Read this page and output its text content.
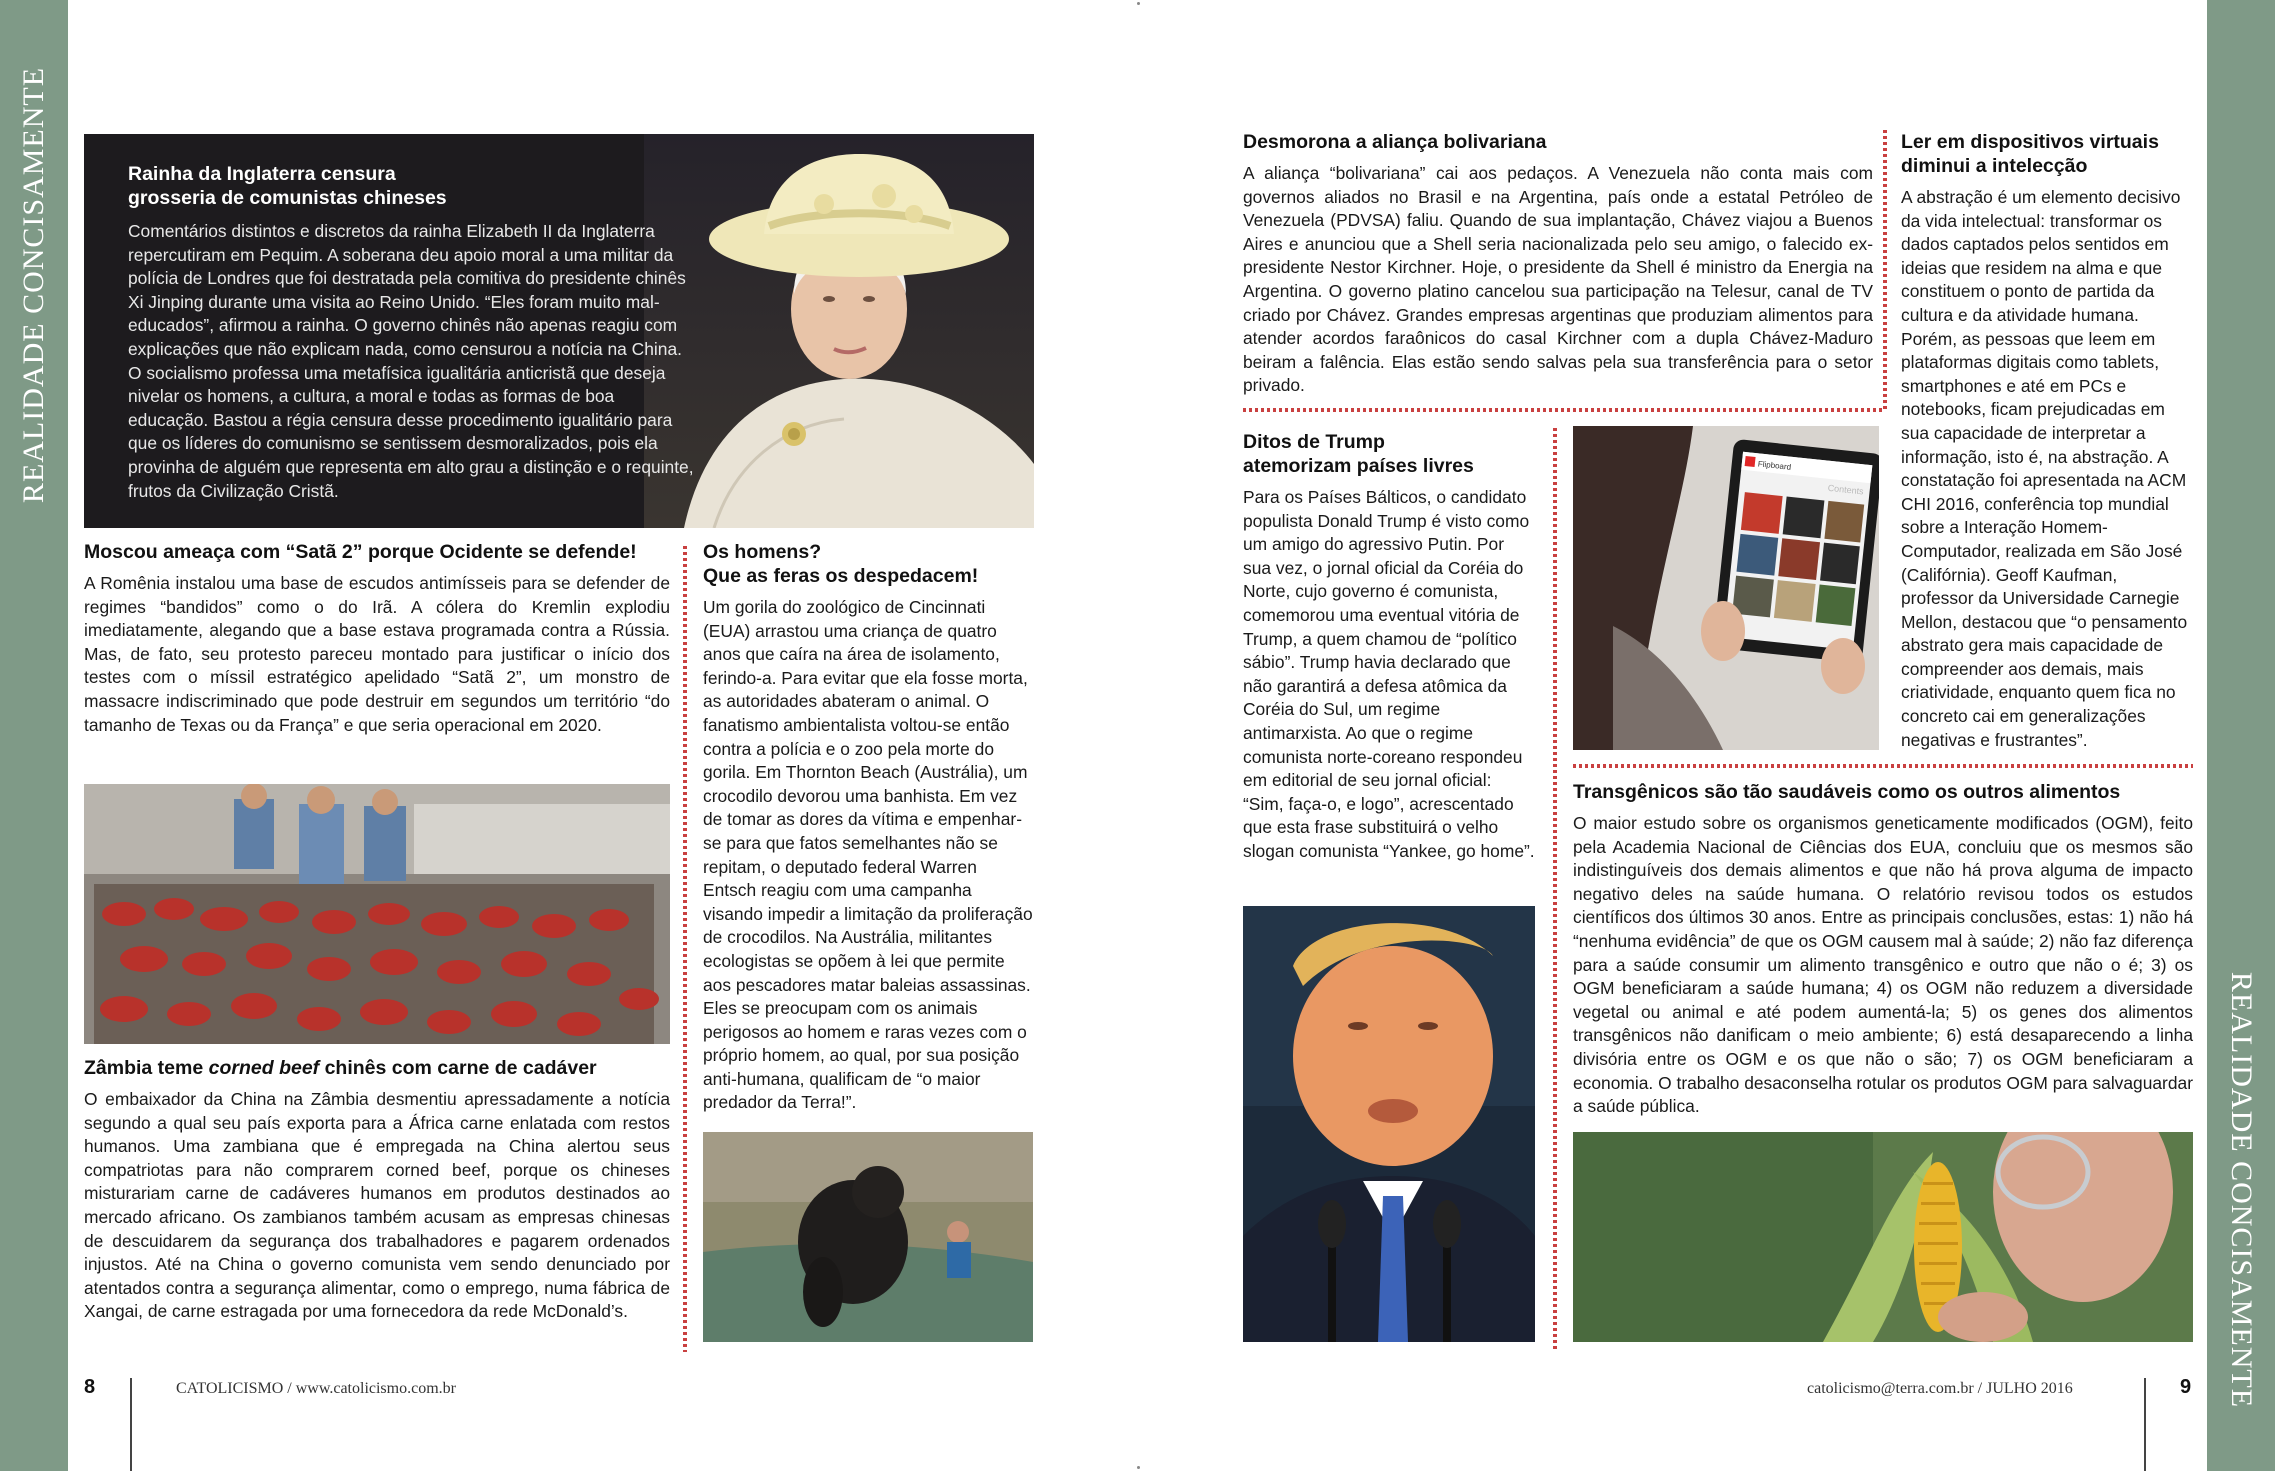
REALIDADE CONCISAMENTE
REALIDADE CONCISAMENTE
Rainha da Inglaterra censura
grosseria de comunistas chineses
Comentários distintos e discretos da rainha Elizabeth II da Inglaterra repercutiram em Pequim. A soberana deu apoio moral a uma militar da polícia de Londres que foi destratada pela comitiva do presidente chinês Xi Jinping durante uma visita ao Reino Unido. “Eles foram muito mal-educados”, afirmou a rainha. O governo chinês não apenas reagiu com explicações que não explicam nada, como censurou a notícia na China. O socialismo professa uma metafísica igualitária anticristã que deseja nivelar os homens, a cultura, a moral e todas as formas de boa educação. Bastou a régia censura desse procedimento igualitário para que os líderes do comunismo se sentissem desmoralizados, pois ela provinha de alguém que representa em alto grau a distinção e o requinte, frutos da Civilização Cristã.
Moscou ameaça com “Satã 2” porque Ocidente se defende!
A Romênia instalou uma base de escudos antimísseis para se defender de regimes “bandidos” como o do Irã. A cólera do Kremlin explodiu imediatamente, alegando que a base estava programada contra a Rússia. Mas, de fato, seu protesto pareceu montado para justificar o início dos testes com o míssil estratégico apelidado “Satã 2”, um monstro de massacre indiscriminado que pode destruir em segundos um território “do tamanho de Texas ou da França” e que seria operacional em 2020.
Zâmbia teme corned beef chinês com carne de cadáver
O embaixador da China na Zâmbia desmentiu apressadamente a notícia segundo a qual seu país exporta para a África carne enlatada com restos humanos. Uma zambiana que é empregada na China alertou seus compatriotas para não comprarem corned beef, porque os chineses misturariam carne de cadáveres humanos em produtos destinados ao mercado africano. Os zambianos também acusam as empresas chinesas de descuidarem da segurança dos trabalhadores e pagarem ordenados injustos. Até na China o governo comunista vem sendo denunciado por atentados contra a segurança alimentar, como o emprego, numa fábrica de Xangai, de carne estragada por uma fornecedora da rede McDonald’s.
Os homens?
Que as feras os despedacem!
Um gorila do zoológico de Cincinnati (EUA) arrastou uma criança de quatro anos que caíra na área de isolamento, ferindo-a. Para evitar que ela fosse morta, as autoridades abateram o animal. O fanatismo ambientalista voltou-se então contra a polícia e o zoo pela morte do gorila. Em Thornton Beach (Austrália), um crocodilo devorou uma banhista. Em vez de tomar as dores da vítima e empenhar-se para que fatos semelhantes não se repitam, o deputado federal Warren Entsch reagiu com uma campanha visando impedir a limitação da proliferação de crocodilos. Na Austrália, militantes ecologistas se opõem à lei que permite aos pescadores matar baleias assassinas. Eles se preocupam com os animais perigosos ao homem e raras vezes com o próprio homem, ao qual, por sua posição anti-humana, qualificam de “o maior predador da Terra!”.
Desmorona a aliança bolivariana
A aliança “bolivariana” cai aos pedaços. A Venezuela não conta mais com governos aliados no Brasil e na Argentina, país onde a estatal Petróleo de Venezuela (PDVSA) faliu. Quando de sua implantação, Chávez viajou a Buenos Aires e anunciou que a Shell seria nacionalizada pelo seu amigo, o falecido ex-presidente Nestor Kirchner. Hoje, o presidente da Shell é ministro da Energia na Argentina. O governo platino cancelou sua participação na Telesur, canal de TV criado por Chávez. Grandes empresas argentinas que produziam alimentos para atender acordos faraônicos do casal Kirchner com a dupla Chávez-Maduro beiram a falência. Elas estão sendo salvas pela sua transferência para o setor privado.
Ler em dispositivos virtuais
diminui a intelecção
A abstração é um elemento decisivo da vida intelectual: transformar os dados captados pelos sentidos em ideias que residem na alma e que constituem o ponto de partida da cultura e da atividade humana. Porém, as pessoas que leem em plataformas digitais como tablets, smartphones e até em PCs e notebooks, ficam prejudicadas em sua capacidade de interpretar a informação, isto é, na abstração. A constatação foi apresentada na ACM CHI 2016, conferência top mundial sobre a Interação Homem-Computador, realizada em São José (Califórnia). Geoff Kaufman, professor da Universidade Carnegie Mellon, destacou que “o pensamento abstrato gera mais capacidade de compreender aos demais, mais criatividade, enquanto quem fica no concreto cai em generalizações negativas e frustrantes”.
Ditos de Trump
atemorizam países livres
Para os Países Bálticos, o candidato populista Donald Trump é visto como um amigo do agressivo Putin. Por sua vez, o jornal oficial da Coréia do Norte, cujo governo é comunista, comemorou uma eventual vitória de Trump, a quem chamou de “político sábio”. Trump havia declarado que não garantirá a defesa atômica da Coréia do Sul, um regime antimarxista. Ao que o regime comunista norte-coreano respondeu em editorial de seu jornal oficial: “Sim, faça-o, e logo”, acrescentado que esta frase substituirá o velho slogan comunista “Yankee, go home”.
Flipboard
Contents
Transgênicos são tão saudáveis como os outros alimentos
O maior estudo sobre os organismos geneticamente modificados (OGM), feito pela Academia Nacional de Ciências dos EUA, concluiu que os mesmos são indistinguíveis dos demais alimentos e que não há prova alguma de impacto negativo deles na saúde humana. O relatório revisou todos os estudos científicos dos últimos 30 anos. Entre as principais conclusões, estas: 1) não há “nenhuma evidência” de que os OGM causem mal à saúde; 2) não faz diferença para a saúde consumir um alimento transgênico e outro que não o é; 3) os OGM beneficiaram a saúde humana; 4) os OGM não reduzem a diversidade vegetal ou animal e até podem aumentá-la; 5) os genes dos alimentos transgênicos não danificam o meio ambiente; 6) está desaparecendo a linha divisória entre os OGM e os que não o são; 7) os OGM beneficiaram a economia. O trabalho desaconselha rotular os produtos OGM para salvaguardar a saúde pública.
8	CATOLICISMO / www.catolicismo.com.br	catolicismo@terra.com.br / JULHO 2016	9
